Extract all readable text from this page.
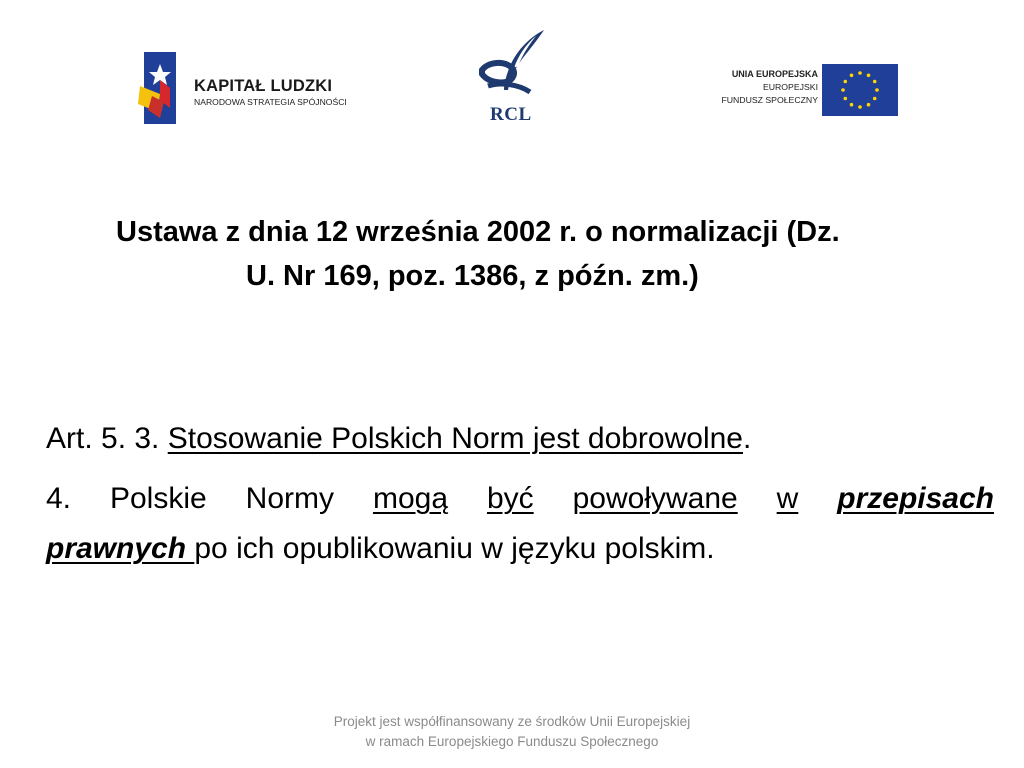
KAPITAŁ LUDZKI
NARODOWA STRATEGIA SPÓJNOŚCI
RCL
UNIA EUROPEJSKA
EUROPEJSKI
FUNDUSZ SPOŁECZNY
Ustawa z dnia 12 września 2002 r. o normalizacji (Dz.
U. Nr 169, poz. 1386, z późn. zm.)
Art. 5. 3. Stosowanie Polskich Norm jest dobrowolne.
4. Polskie Normy mogą być powoływane w przepisach
prawnych po ich opublikowaniu w języku polskim.
Projekt jest współfinansowany ze środków Unii Europejskiej
w ramach Europejskiego Funduszu Społecznego
